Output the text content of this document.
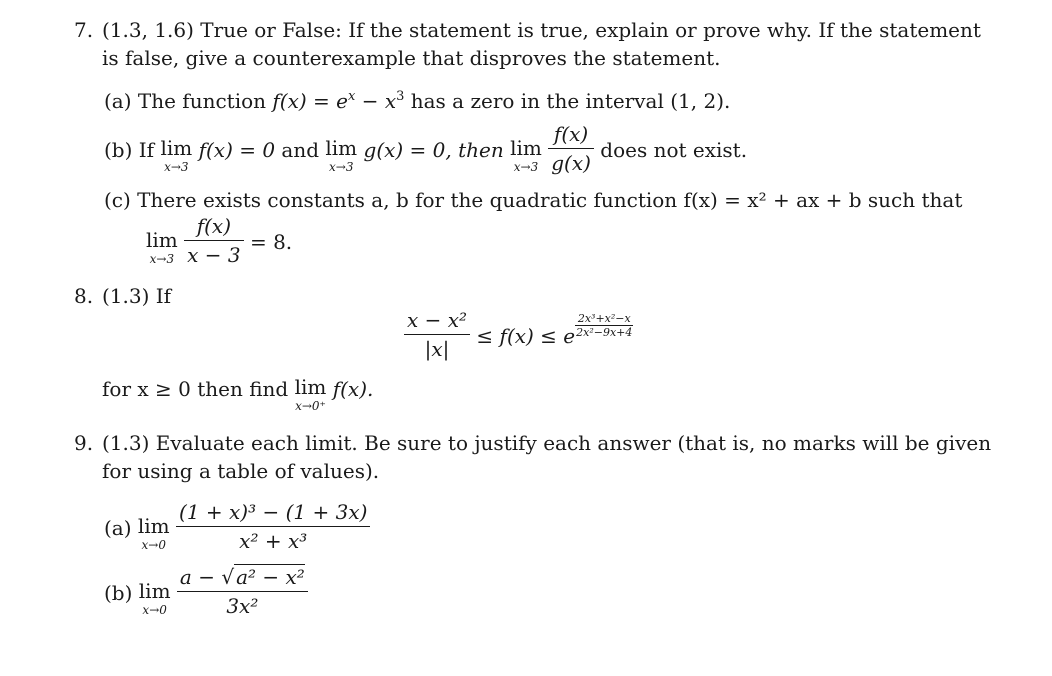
7. (1.3, 1.6) True or False: If the statement is true, explain or prove why. If the statement
is false, give a counterexample that disproves the statement.
(a) The function $f(x) = e^x - x^3$ has a zero in the interval (1, 2).
(b) If lim
x→3
f(x) = 0 and lim
x→3
g(x) = 0, then lim
x→3
$\frac{f(x)}{g(x)}$ does not exist.
(c) There exists constants a, b for the quadratic function f(x) = x² + ax + b such that
lim
x→3
$\frac{f(x)}{x - 3} = 8$.
8. (1.3) If
$\frac{\text{x − x²}}{|x|} \le f(x) \le e \frac{\text{2x³+x²−x}}{\text{2x²−9x+4}}$
for x ≥ 0 then find lim
x→0⁺
f(x).
9. (1.3) Evaluate each limit. Be sure to justify each answer (that is, no marks will be given
for using a table of values).
(a) lim
x→0
$\frac{\text{(1 + x)³ − (1 + 3x)}}{\text{x² + x³}}$
(b) lim
x→0
$\frac{\text{a − √ a² − x²}}{\text{3x²}}$
